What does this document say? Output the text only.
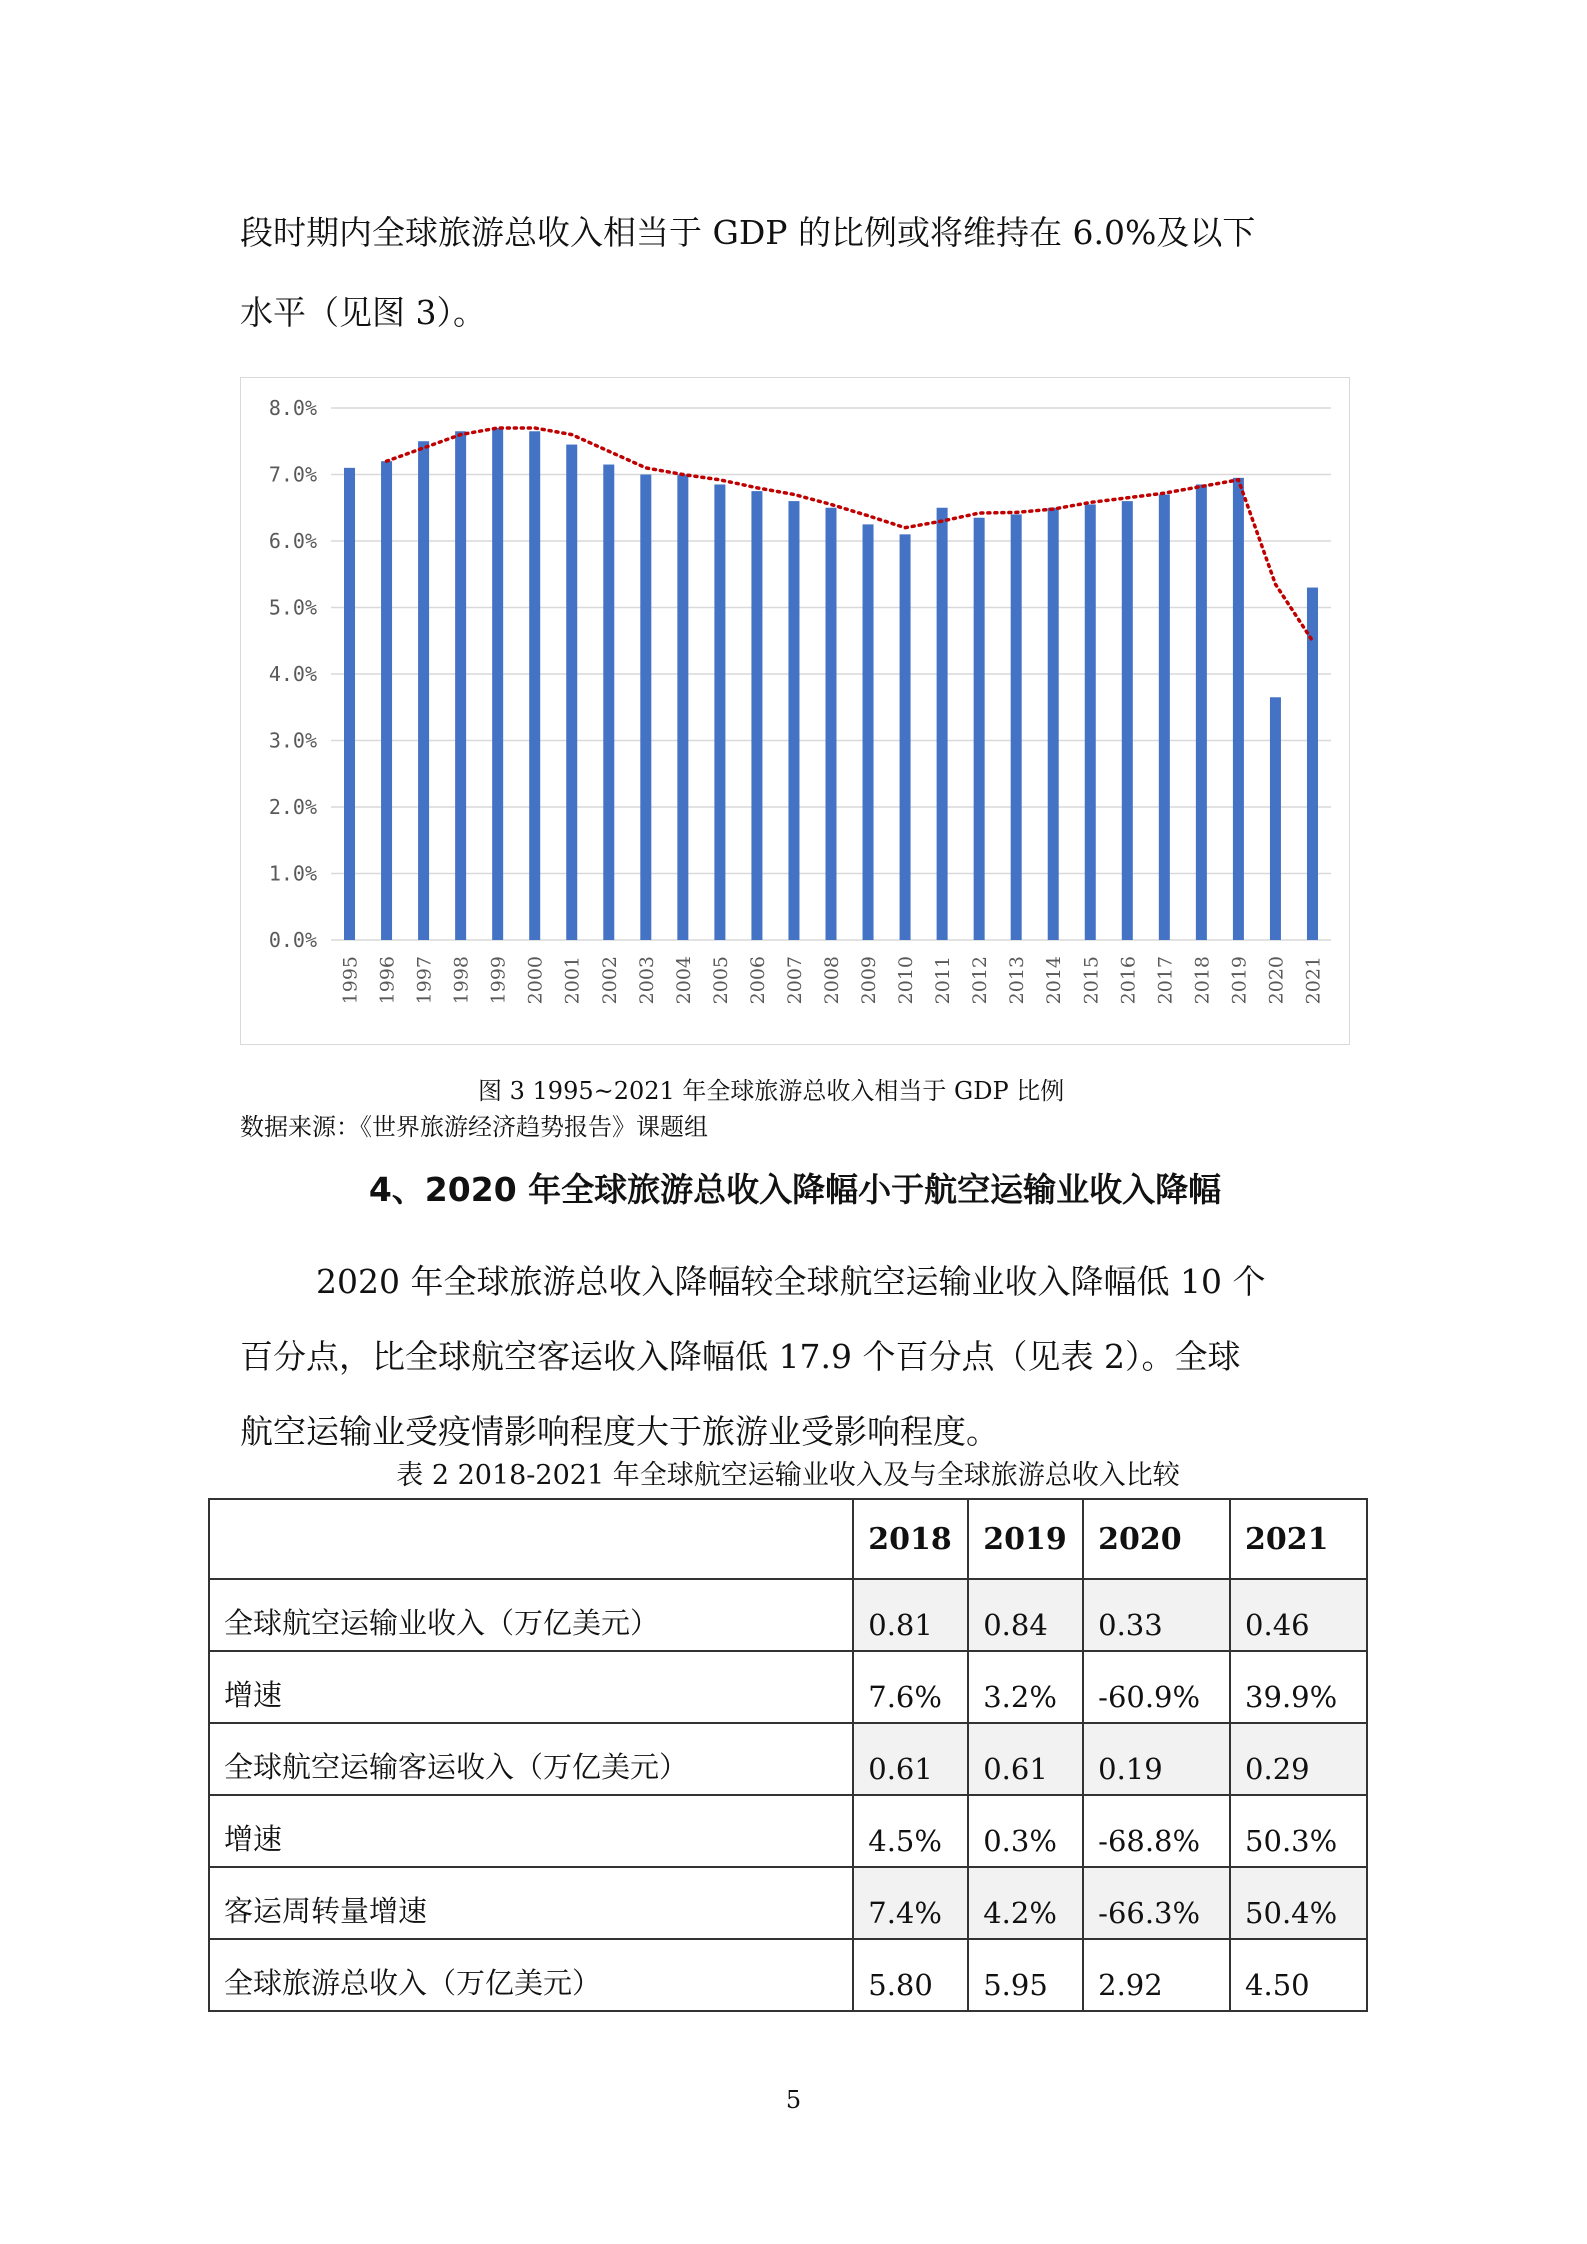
段时期内全球旅游总收入相当于 GDP 的比例或将维持在 6.0%及以下
水平（见图 3）。
8.0%
7.0%
6.0%
5.0%
4.0%
3.0%
2.0%
1.0%
0.0%
1995 1996 1997 1998 1999 2000 2001 2002 2003 2004 2005 2006 2007 2008 2009 2010 2011 2012 2013 2014 2015 2016 2017 2018 2019 2020 2021
图 3 1995~2021 年全球旅游总收入相当于 GDP 比例
数据来源：《世界旅游经济趋势报告》课题组
4、2020 年全球旅游总收入降幅小于航空运输业收入降幅
2020 年全球旅游总收入降幅较全球航空运输业收入降幅低 10 个
百分点，比全球航空客运收入降幅低 17.9 个百分点（见表 2）。全球
航空运输业受疫情影响程度大于旅游业受影响程度。
表 2 2018-2021 年全球航空运输业收入及与全球旅游总收入比较
	2018	2019	2020	2021
全球航空运输业收入（万亿美元）	0.81	0.84	0.33	0.46
增速	7.6%	3.2%	-60.9%	39.9%
全球航空运输客运收入（万亿美元）	0.61	0.61	0.19	0.29
增速	4.5%	0.3%	-68.8%	50.3%
客运周转量增速	7.4%	4.2%	-66.3%	50.4%
全球旅游总收入（万亿美元）	5.80	5.95	2.92	4.50
5
